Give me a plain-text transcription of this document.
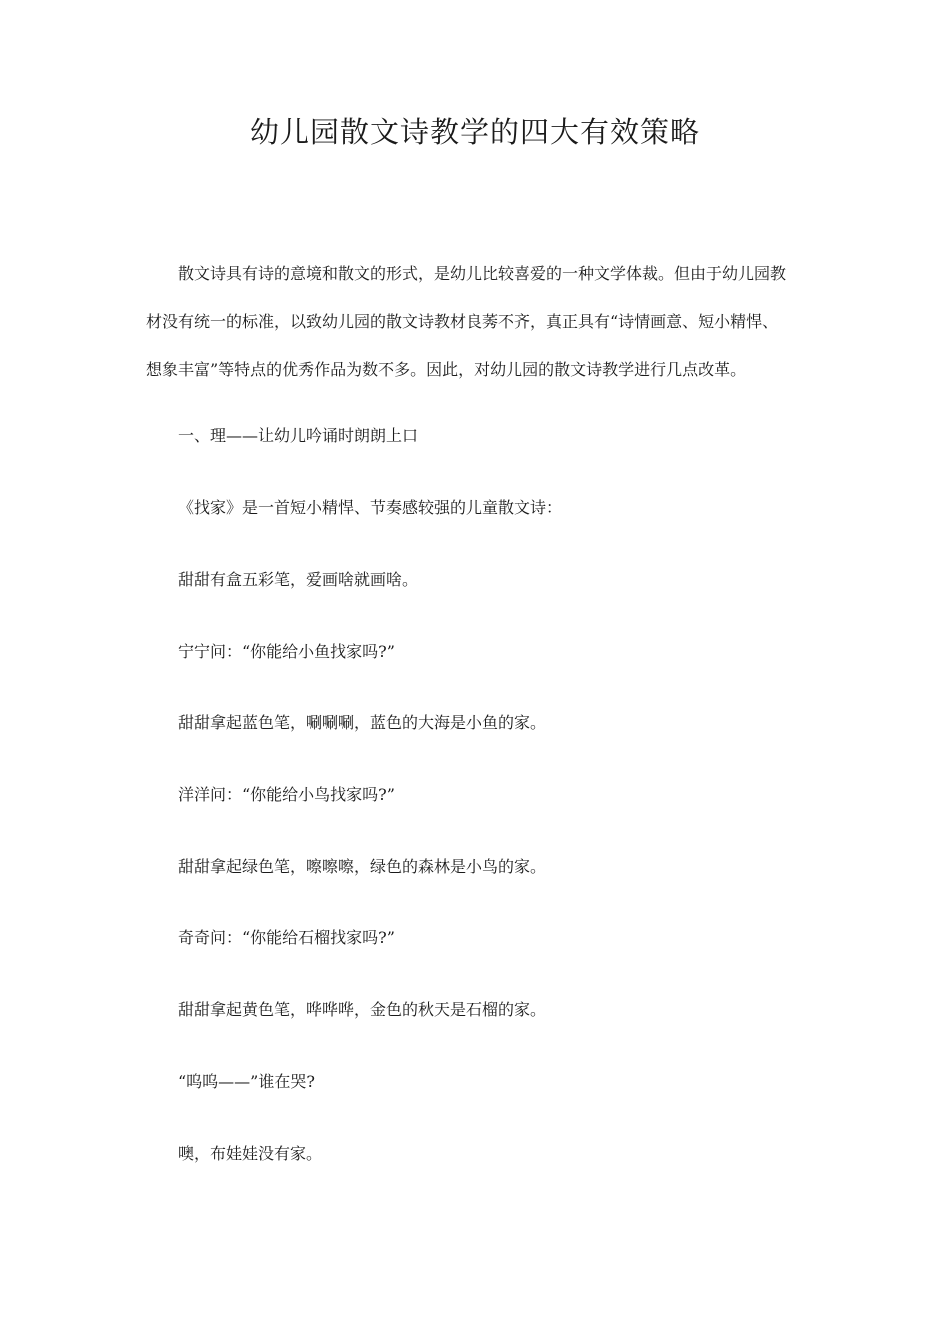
幼儿园散文诗教学的四大有效策略

散文诗具有诗的意境和散文的形式，是幼儿比较喜爱的一种文学体裁。但由于幼儿园教
材没有统一的标准，以致幼儿园的散文诗教材良莠不齐，真正具有“诗情画意、短小精悍、
想象丰富”等特点的优秀作品为数不多。因此，对幼儿园的散文诗教学进行几点改革。

一、理——让幼儿吟诵时朗朗上口

《找家》是一首短小精悍、节奏感较强的儿童散文诗：

甜甜有盒五彩笔，爱画啥就画啥。

宁宁问：“你能给小鱼找家吗?”

甜甜拿起蓝色笔，唰唰唰，蓝色的大海是小鱼的家。

洋洋问：“你能给小鸟找家吗?”

甜甜拿起绿色笔，嚓嚓嚓，绿色的森林是小鸟的家。

奇奇问：“你能给石榴找家吗?”

甜甜拿起黄色笔，哗哗哗，金色的秋天是石榴的家。

“呜呜——”谁在哭?

噢，布娃娃没有家。
